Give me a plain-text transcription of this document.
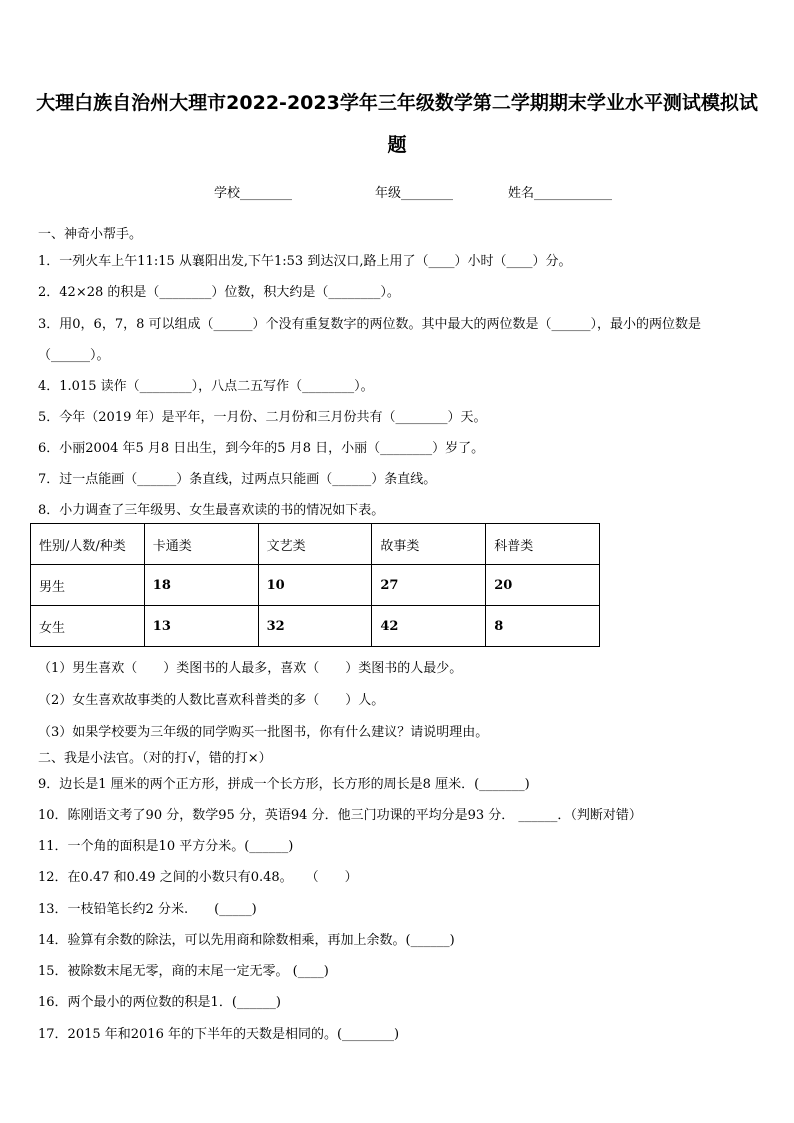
大理白族自治州大理市2022-2023学年三年级数学第二学期期末学业水平测试模拟试
题
学校________	年级________	姓名____________
一、神奇小帮手。
1．一列火车上午11:15 从襄阳出发,下午1:53 到达汉口,路上用了（____）小时（____）分。
2．42×28 的积是（________）位数，积大约是（________）。
3．用0，6，7，8 可以组成（______）个没有重复数字的两位数。其中最大的两位数是（______），最小的两位数是
（______）。
4．1.015 读作（________），八点二五写作（________）。
5．今年（2019 年）是平年，一月份、二月份和三月份共有（________）天。
6．小丽2004 年5 月8 日出生，到今年的5 月8 日，小丽（________）岁了。
7．过一点能画（______）条直线，过两点只能画（______）条直线。
8．小力调查了三年级男、女生最喜欢读的书的情况如下表。
性别/人数/种类	卡通类	文艺类	故事类	科普类
男生	18	10	27	20
女生	13	32	42	8
（1）男生喜欢（　　）类图书的人最多，喜欢（　　）类图书的人最少。
（2）女生喜欢故事类的人数比喜欢科普类的多（　　）人。
（3）如果学校要为三年级的同学购买一批图书，你有什么建议？请说明理由。
二、我是小法官。（对的打√，错的打×）
9．边长是1 厘米的两个正方形，拼成一个长方形，长方形的周长是8 厘米．(_______)
10．陈刚语文考了90 分，数学95 分，英语94 分．他三门功课的平均分是93 分． ______．（判断对错）
11．一个角的面积是10 平方分米。(______)
12．在0.47 和0.49 之间的小数只有0.48。　　（　　）
13．一枝铅笔长约2 分米.　　(_____)
14．验算有余数的除法，可以先用商和除数相乘，再加上余数。(______)
15．被除数末尾无零，商的末尾一定无零。 (____)
16．两个最小的两位数的积是1．(______)
17．2015 年和2016 年的下半年的天数是相同的。(________)
